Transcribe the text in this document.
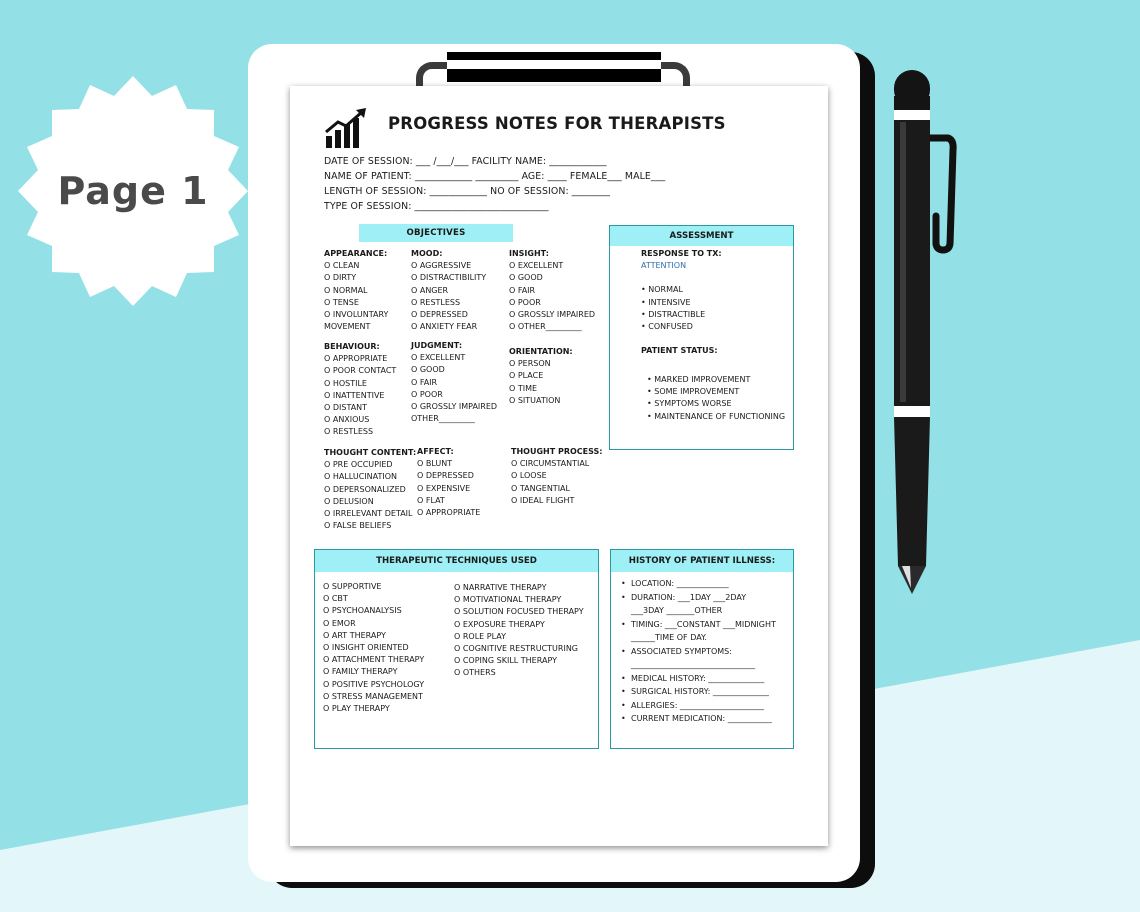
Page 1
PROGRESS NOTES FOR THERAPISTS
DATE OF SESSION: ___ /___/___ FACILITY NAME: ____________
NAME OF PATIENT: ____________ _________ AGE: ____ FEMALE___ MALE___
LENGTH OF SESSION: ____________ NO OF SESSION: ________
TYPE OF SESSION: ____________________________
OBJECTIVES
APPEARANCE:
O CLEAN
O DIRTY
O NORMAL
O TENSE
O INVOLUNTARY
MOVEMENT
MOOD:
O AGGRESSIVE
O DISTRACTIBILITY
O ANGER
O RESTLESS
O DEPRESSED
O ANXIETY FEAR
INSIGHT:
O EXCELLENT
O GOOD
O FAIR
O POOR
O GROSSLY IMPAIRED
O OTHER_________
BEHAVIOUR:
O APPROPRIATE
O POOR CONTACT
O HOSTILE
O INATTENTIVE
O DISTANT
O ANXIOUS
O RESTLESS
JUDGMENT:
O EXCELLENT
O GOOD
O FAIR
O POOR
O GROSSLY IMPAIRED
OTHER_________
ORIENTATION:
O PERSON
O PLACE
O TIME
O SITUATION
THOUGHT CONTENT:
O PRE OCCUPIED
O HALLUCINATION
O DEPERSONALIZED
O DELUSION
O IRRELEVANT DETAIL
O FALSE BELIEFS
AFFECT:
O BLUNT
O DEPRESSED
O EXPENSIVE
O FLAT
O APPROPRIATE
THOUGHT PROCESS:
O CIRCUMSTANTIAL
O LOOSE
O TANGENTIAL
O IDEAL FLIGHT
ASSESSMENT
RESPONSE TO TX:
ATTENTION
• NORMAL
• INTENSIVE
• DISTRACTIBLE
• CONFUSED
PATIENT STATUS:
• MARKED IMPROVEMENT
• SOME IMPROVEMENT
• SYMPTOMS WORSE
• MAINTENANCE OF FUNCTIONING
THERAPEUTIC TECHNIQUES USED
O SUPPORTIVE
O CBT
O PSYCHOANALYSIS
O EMOR
O ART THERAPY
O INSIGHT ORIENTED
O ATTACHMENT THERAPY
O FAMILY THERAPY
O POSITIVE PSYCHOLOGY
O STRESS MANAGEMENT
O PLAY THERAPY
O NARRATIVE THERAPY
O MOTIVATIONAL THERAPY
O SOLUTION FOCUSED THERAPY
O EXPOSURE THERAPY
O ROLE PLAY
O COGNITIVE RESTRUCTURING
O COPING SKILL THERAPY
O OTHERS
HISTORY OF PATIENT ILLNESS:
• LOCATION: _____________
• DURATION: ___1DAY ___2DAY
___3DAY _______OTHER
• TIMING: ___CONSTANT ___MIDNIGHT
______TIME OF DAY.
• ASSOCIATED SYMPTOMS:
_______________________________
• MEDICAL HISTORY: ______________
• SURGICAL HISTORY: ______________
• ALLERGIES: _____________________
• CURRENT MEDICATION: ___________
